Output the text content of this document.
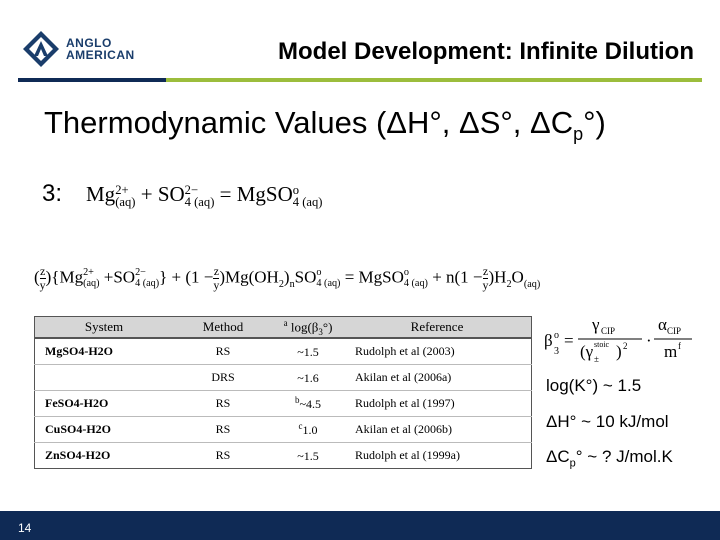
ANGLO
AMERICAN	Model Development: Infinite Dilution
Thermodynamic Values (ΔH°, ΔS°, $\Delta C_p^\circ$)
3: Mg 2+
(aq) + SO 2−
4 (aq) = MgSO o
4 (aq)
( $\frac{z}{y} )\{Mg$ 2+
(aq) +SO 2−
4 (aq) } + $(1 - \frac{z}{y} )Mg(OH_2)_nSO$ o
4 (aq) = MgSO o
4 $(aq) + n(1 - \frac{z}{y} )H_2O_{(aq)}$
System	Method	$^a$ $\log(\beta_3^\circ)$	Reference
MgSO4-H2O	RS	~1.5	Rudolph et al (2003)
	DRS	~1.6	Akilan et al (2006a)
FeSO4-H2O	RS	$^b$~4.5	Rudolph et al (1997)
CuSO4-H2O	RS	$^c$1.0	Akilan et al (2006b)
ZnSO4-H2O	RS	~1.5	Rudolph et al (1999a)
β o
3
=
γ CIP
(γ stoic
± ) 2 ·
α CIP
m f
log(K°) ~ 1.5
ΔH° ~ 10 kJ/mol
$\Delta C_p^\circ$ ~ ? J/mol.K
14
